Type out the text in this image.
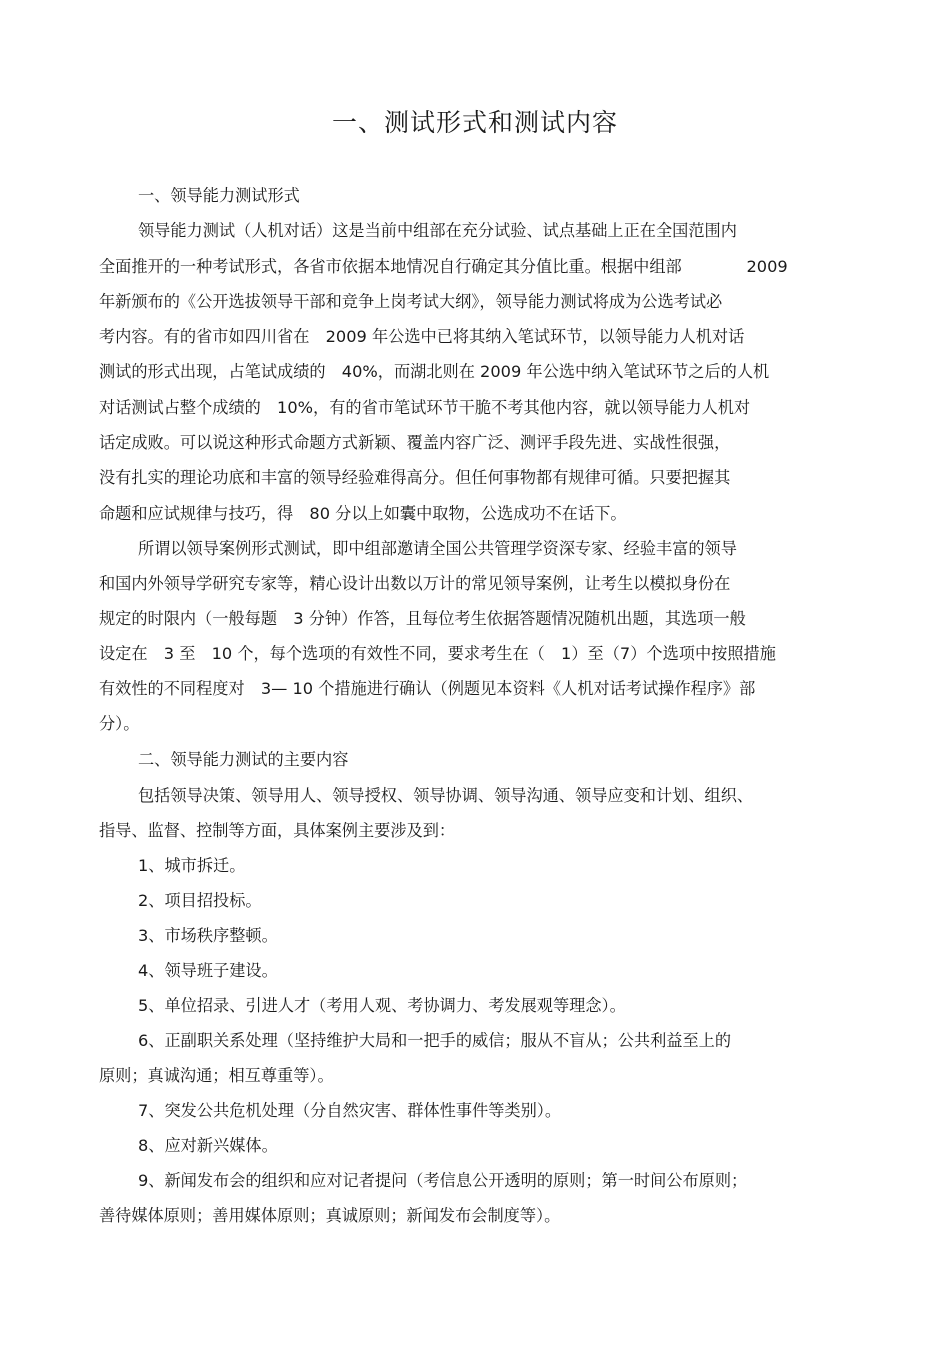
一、测试形式和测试内容
一、领导能力测试形式
领导能力测试（人机对话）这是当前中组部在充分试验、试点基础上正在全国范围内
全面推开的一种考试形式，各省市依据本地情况自行确定其分值比重。根据中组部　　　　2009
年新颁布的《公开选拔领导干部和竞争上岗考试大纲》，领导能力测试将成为公选考试必
考内容。有的省市如四川省在　2009 年公选中已将其纳入笔试环节，以领导能力人机对话
测试的形式出现，占笔试成绩的　40%，而湖北则在 2009 年公选中纳入笔试环节之后的人机
对话测试占整个成绩的　10%，有的省市笔试环节干脆不考其他内容，就以领导能力人机对
话定成败。可以说这种形式命题方式新颖、覆盖内容广泛、测评手段先进、实战性很强，
没有扎实的理论功底和丰富的领导经验难得高分。但任何事物都有规律可循。只要把握其
命题和应试规律与技巧，得　80 分以上如囊中取物，公选成功不在话下。
所谓以领导案例形式测试，即中组部邀请全国公共管理学资深专家、经验丰富的领导
和国内外领导学研究专家等，精心设计出数以万计的常见领导案例，让考生以模拟身份在
规定的时限内（一般每题　3 分钟）作答，且每位考生依据答题情况随机出题，其选项一般
设定在　3 至　10 个，每个选项的有效性不同，要求考生在（　1）至（7）个选项中按照措施
有效性的不同程度对　3— 10 个措施进行确认（例题见本资料《人机对话考试操作程序》部
分）。
二、领导能力测试的主要内容
包括领导决策、领导用人、领导授权、领导协调、领导沟通、领导应变和计划、组织、
指导、监督、控制等方面，具体案例主要涉及到：
1、城市拆迁。
2、项目招投标。
3、市场秩序整顿。
4、领导班子建设。
5、单位招录、引进人才（考用人观、考协调力、考发展观等理念）。
6、正副职关系处理（坚持维护大局和一把手的威信；服从不盲从；公共利益至上的
原则；真诚沟通；相互尊重等）。
7、突发公共危机处理（分自然灾害、群体性事件等类别）。
8、应对新兴媒体。
9、新闻发布会的组织和应对记者提问（考信息公开透明的原则；第一时间公布原则；
善待媒体原则；善用媒体原则；真诚原则；新闻发布会制度等）。
